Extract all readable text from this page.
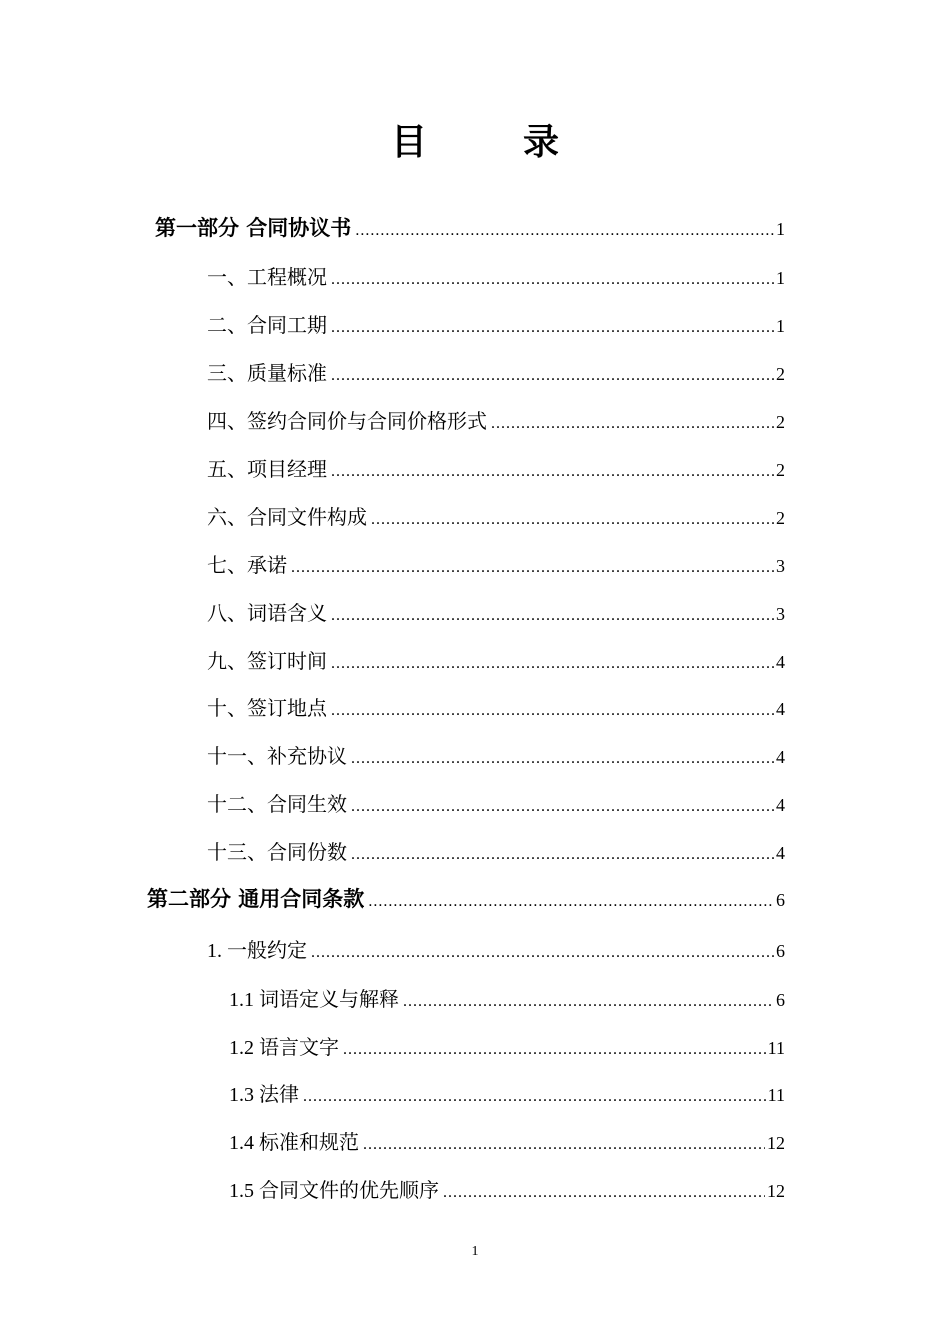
目　录
第一部分 合同协议书 .....	1
一、工程概况 .....	1
二、合同工期 .....	1
三、质量标准 .....	2
四、签约合同价与合同价格形式 .....	2
五、项目经理 .....	2
六、合同文件构成 .....	2
七、承诺 .....	3
八、词语含义 .....	3
九、签订时间 .....	4
十、签订地点 .....	4
十一、补充协议 .....	4
十二、合同生效 .....	4
十三、合同份数 .....	4
第二部分 通用合同条款 .....	6
1. 一般约定 .....	6
1.1 词语定义与解释 .....	6
1.2 语言文字 .....	11
1.3 法律 .....	11
1.4 标准和规范 .....	12
1.5 合同文件的优先顺序 .....	12
1
